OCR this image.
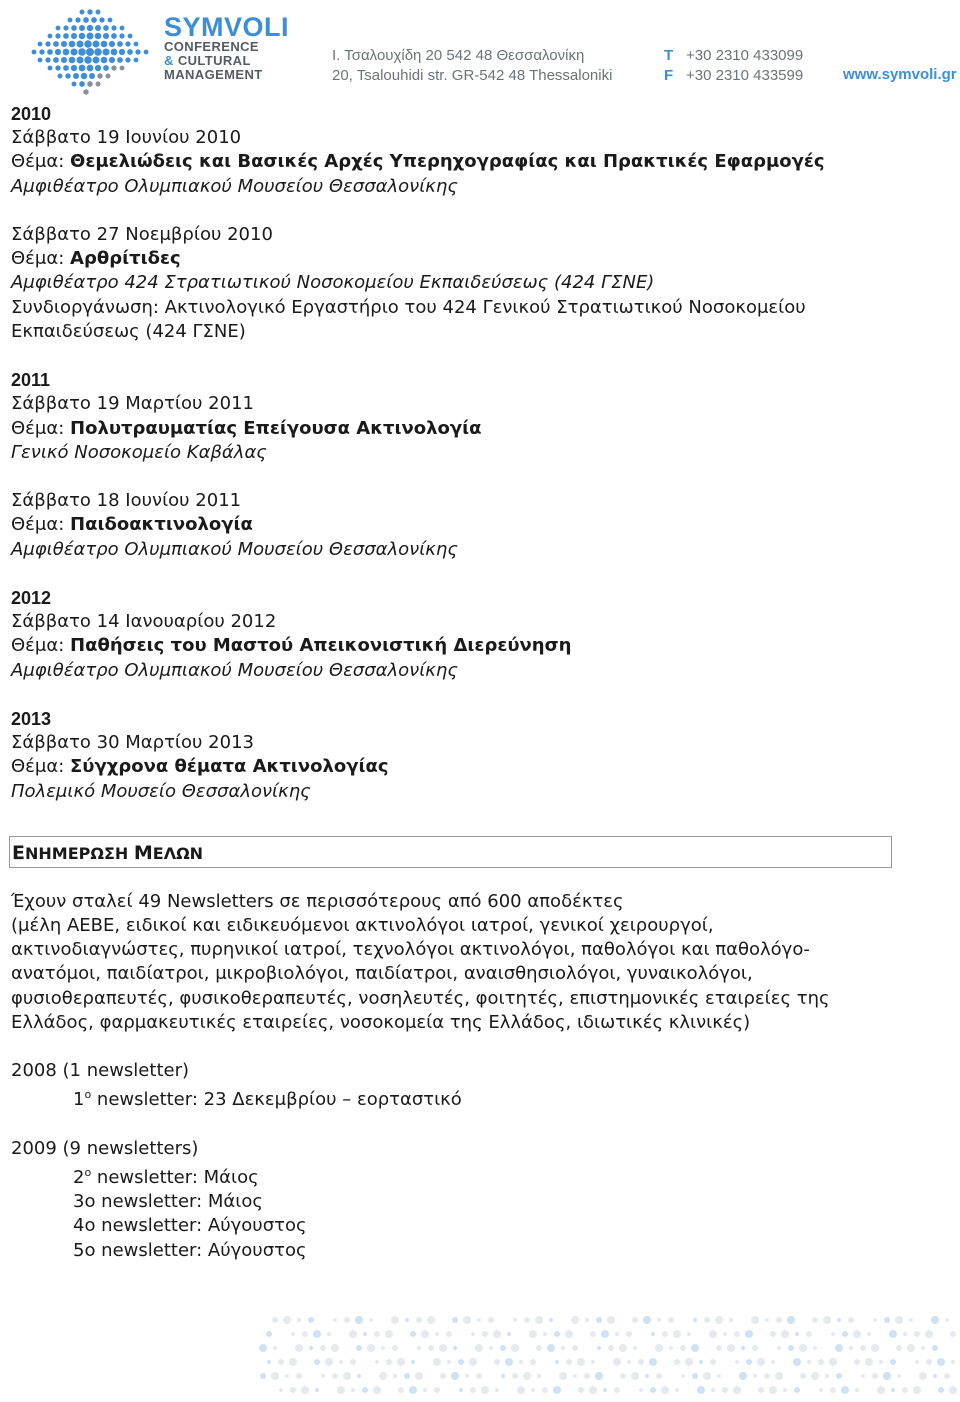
SYMVOLI
CONFERENCE
& CULTURAL
MANAGEMENT
Ι. Τσαλουχίδη 20 542 48 Θεσσαλονίκη
20, Tsalouhidi str. GR-542 48 Thessaloniki
T +30 2310 433099
F +30 2310 433599	www.symvoli.gr
2010
Σάββατο 19 Ιουνίου 2010
Θέμα: Θεμελιώδεις και Βασικές Αρχές Υπερηχογραφίας και Πρακτικές Εφαρμογές
Αμφιθέατρο Ολυμπιακού Μουσείου Θεσσαλονίκης
Σάββατο 27 Νοεμβρίου 2010
Θέμα: Αρθρίτιδες
Αμφιθέατρο 424 Στρατιωτικού Νοσοκομείου Εκπαιδεύσεως (424 ΓΣΝΕ)
Συνδιοργάνωση: Ακτινολογικό Εργαστήριο του 424 Γενικού Στρατιωτικού Νοσοκομείου
Εκπαιδεύσεως (424 ΓΣΝΕ)
2011
Σάββατο 19 Μαρτίου 2011
Θέμα: Πολυτραυματίας Επείγουσα Ακτινολογία
Γενικό Νοσοκομείο Καβάλας
Σάββατο 18 Ιουνίου 2011
Θέμα: Παιδοακτινολογία
Αμφιθέατρο Ολυμπιακού Μουσείου Θεσσαλονίκης
2012
Σάββατο 14 Ιανουαρίου 2012
Θέμα: Παθήσεις του Μαστού Απεικονιστική Διερεύνηση
Αμφιθέατρο Ολυμπιακού Μουσείου Θεσσαλονίκης
2013
Σάββατο 30 Μαρτίου 2013
Θέμα: Σύγχρονα θέματα Ακτινολογίας
Πολεμικό Μουσείο Θεσσαλονίκης
ΕΝΗΜΕΡΩΣΗ ΜΕΛΩΝ
Έχουν σταλεί 49 Newsletters σε περισσότερους από 600 αποδέκτες
(μέλη ΑΕΒΕ, ειδικοί και ειδικευόμενοι ακτινολόγοι ιατροί, γενικοί χειρουργοί,
ακτινοδιαγνώστες, πυρηνικοί ιατροί, τεχνολόγοι ακτινολόγοι, παθολόγοι και παθολόγο-
ανατόμοι, παιδίατροι, μικροβιολόγοι, παιδίατροι, αναισθησιολόγοι, γυναικολόγοι,
φυσιοθεραπευτές, φυσικοθεραπευτές, νοσηλευτές, φοιτητές, επιστημονικές εταιρείες της
Ελλάδος, φαρμακευτικές εταιρείες, νοσοκομεία της Ελλάδος, ιδιωτικές κλινικές)
2008 (1 newsletter)
$1^o$ newsletter: 23 Δεκεμβρίου – εορταστικό
2009 (9 newsletters)
$2^o$ newsletter: Μάιος
3ο newsletter: Μάιος
4ο newsletter: Αύγουστος
5ο newsletter: Αύγουστος
